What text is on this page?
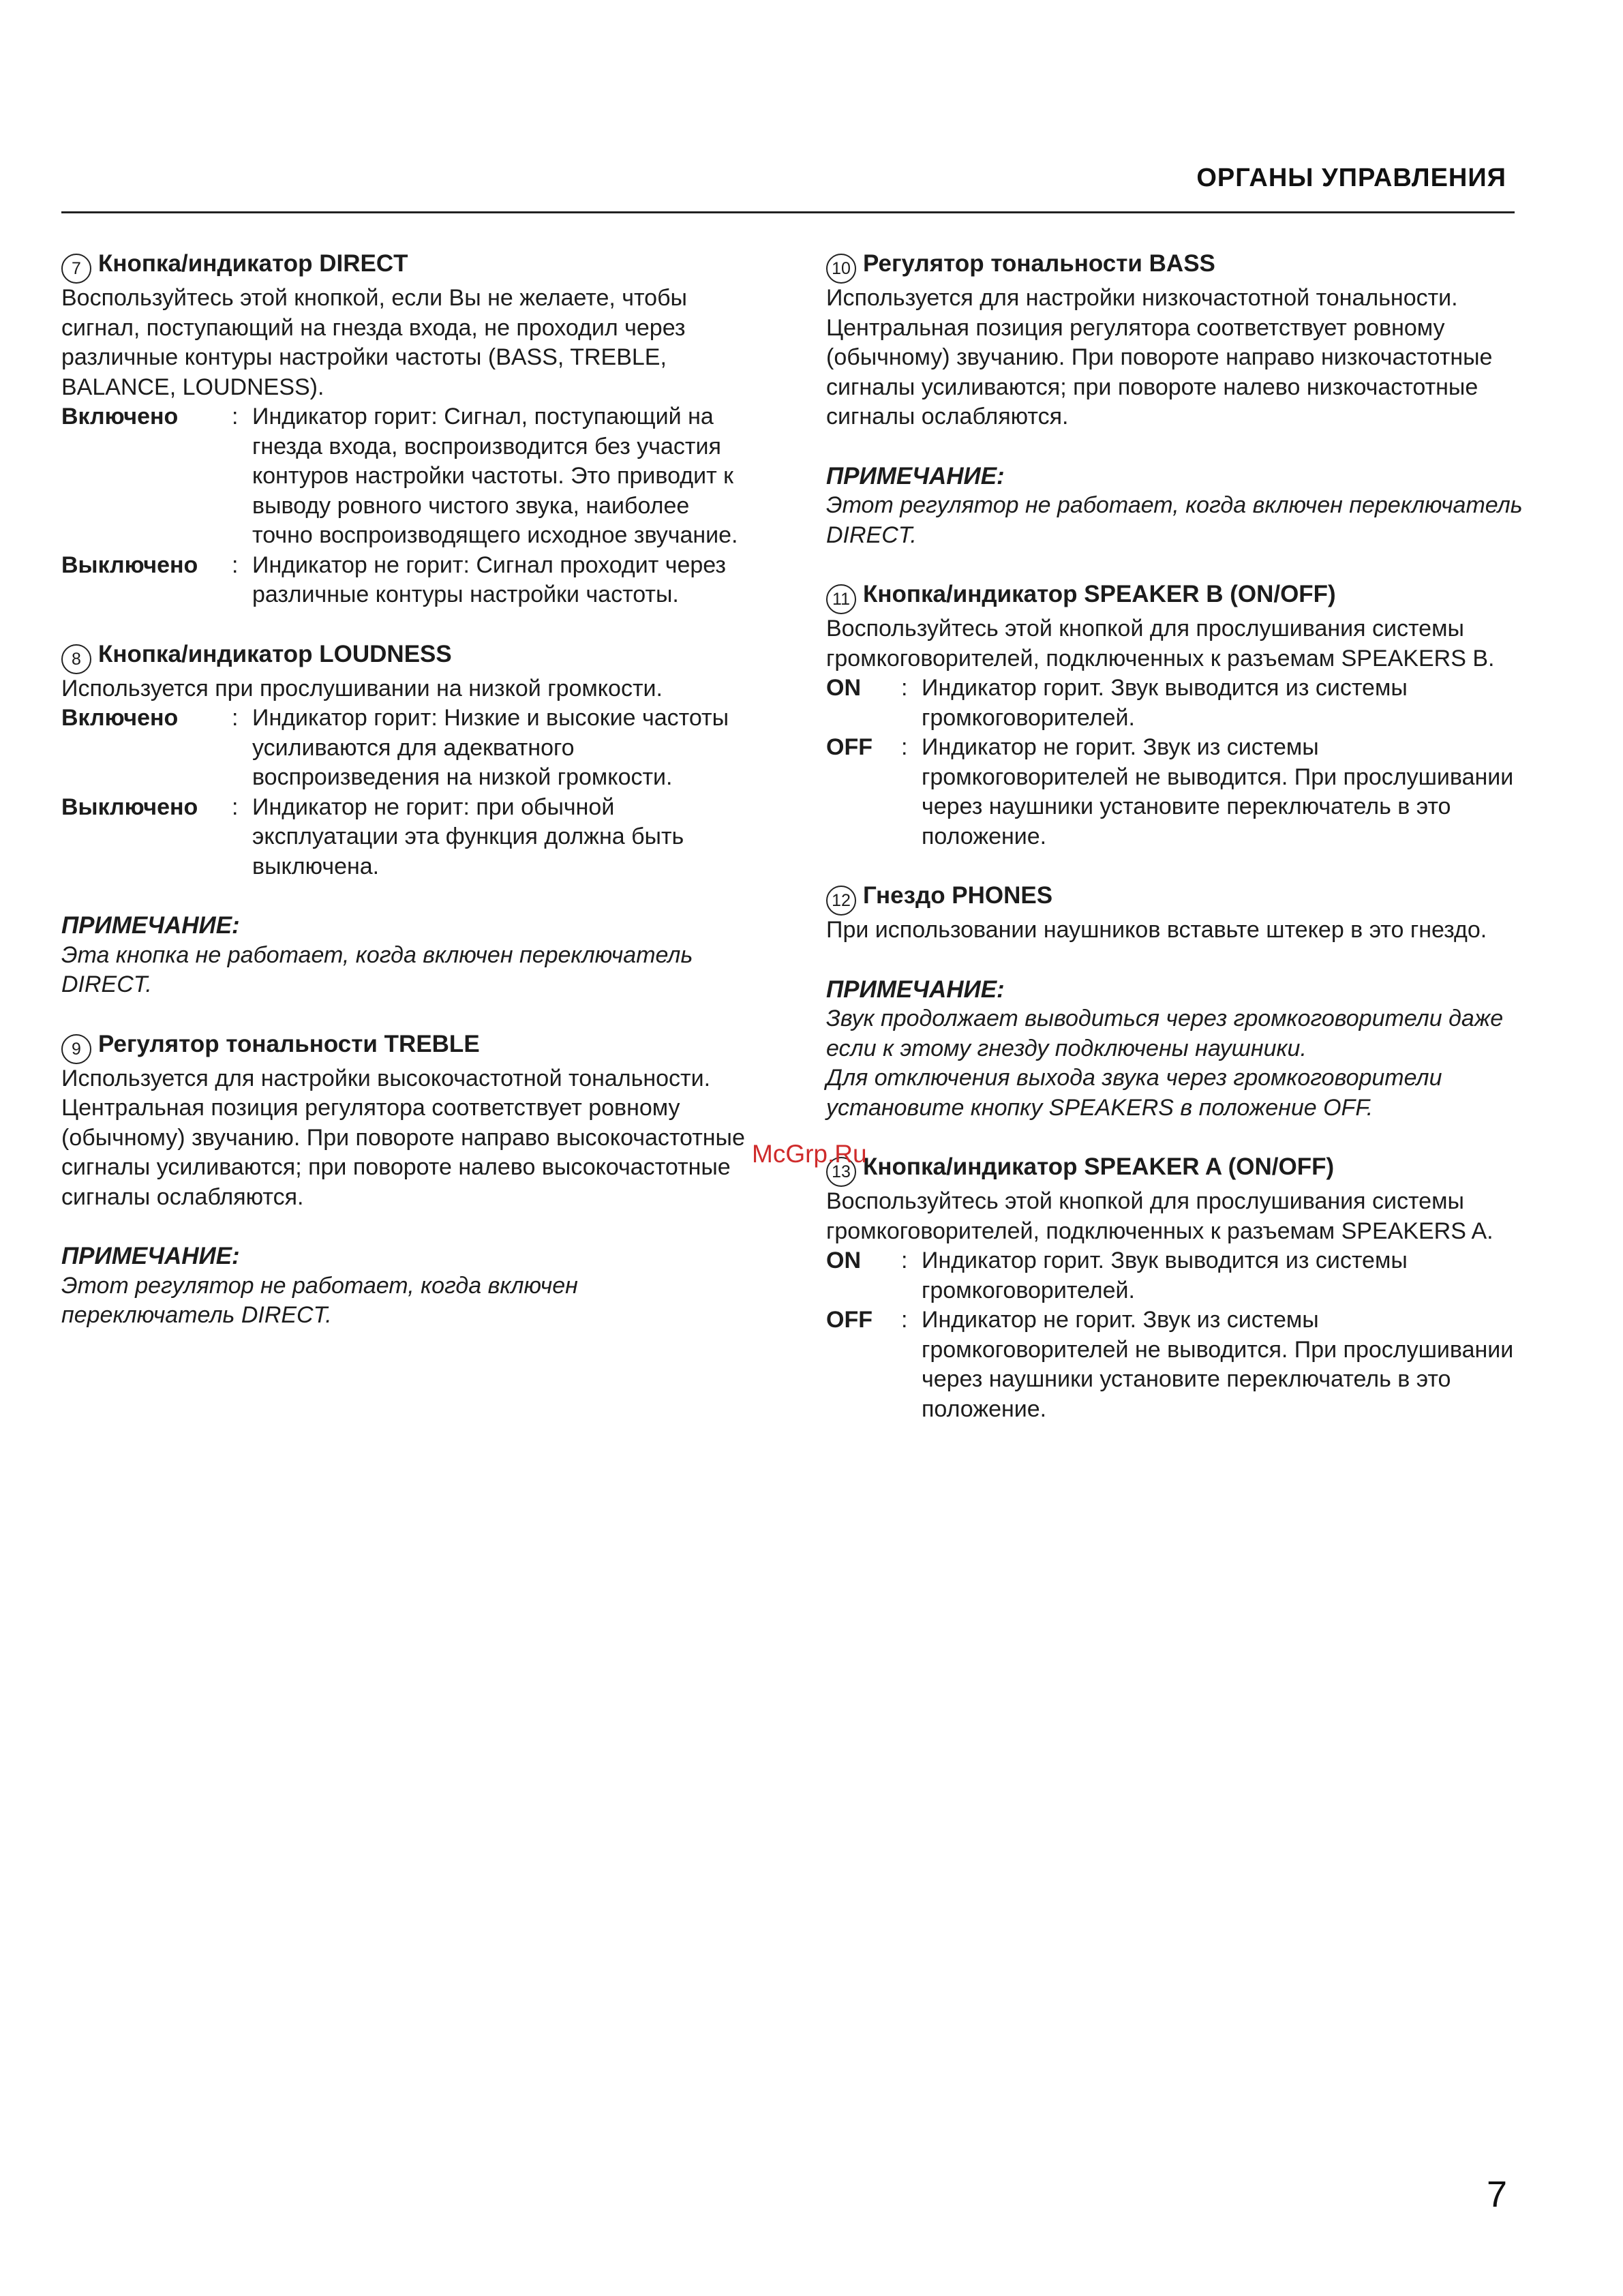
ОРГАНЫ УПРАВЛЕНИЯ
7 Кнопка/индикатор DIRECT

Воспользуйтесь этой кнопкой, если Вы не желаете, чтобы сигнал, поступающий на гнезда входа, не проходил через различные контуры настройки частоты (BASS, TREBLE, BALANCE, LOUDNESS).

Включено	: Индикатор горит: Сигнал, поступающий на гнезда входа, воспроизводится без участия контуров настройки частоты. Это приводит к выводу ровного чистого звука, наиболее точно воспроизводящего исходное звучание.
Выключено	: Индикатор не горит: Сигнал проходит через различные контуры настройки частоты.
8 Кнопка/индикатор LOUDNESS

Используется при прослушивании на низкой громкости.

Включено	: Индикатор горит: Низкие и высокие частоты усиливаются для адекватного воспроизведения на низкой громкости.
Выключено	: Индикатор не горит: при обычной эксплуатации эта функция должна быть выключена.
ПРИМЕЧАНИЕ:
Эта кнопка не работает, когда включен переключатель DIRECT.
9 Регулятор тональности TREBLE

Используется для настройки высокочастотной тональности. Центральная позиция регулятора соответствует ровному (обычному) звучанию. При повороте направо высокочастотные сигналы усиливаются; при повороте налево высокочастотные сигналы ослабляются.

ПРИМЕЧАНИЕ:
Этот регулятор не работает, когда включен переключатель DIRECT.
10 Регулятор тональности BASS

Используется для настройки низкочастотной тональности. Центральная позиция регулятора соответствует ровному (обычному) звучанию. При повороте направо низкочастотные сигналы усиливаются; при повороте налево низкочастотные сигналы ослабляются.

ПРИМЕЧАНИЕ:
Этот регулятор не работает, когда включен переключатель DIRECT.
11 Кнопка/индикатор SPEAKER B (ON/OFF)

Воспользуйтесь этой кнопкой для прослушивания системы громкоговорителей, подключенных к разъемам SPEAKERS B.

ON	: Индикатор горит. Звук выводится из системы громкоговорителей.
OFF	: Индикатор не горит. Звук из системы громкоговорителей не выводится. При прослушивании через наушники установите переключатель в это положение.
12 Гнездо PHONES

При использовании наушников вставьте штекер в это гнездо.

ПРИМЕЧАНИЕ:
Звук продолжает выводиться через громкоговорители даже если к этому гнезду подключены наушники.
Для отключения выхода звука через громкоговорители установите кнопку SPEAKERS в положение OFF.
13 Кнопка/индикатор SPEAKER A (ON/OFF)

Воспользуйтесь этой кнопкой для прослушивания системы громкоговорителей, подключенных к разъемам SPEAKERS A.

ON	: Индикатор горит. Звук выводится из системы громкоговорителей.
OFF	: Индикатор не горит. Звук из системы громкоговорителей не выводится. При прослушивании через наушники установите переключатель в это положение.
McGrp.Ru
7
